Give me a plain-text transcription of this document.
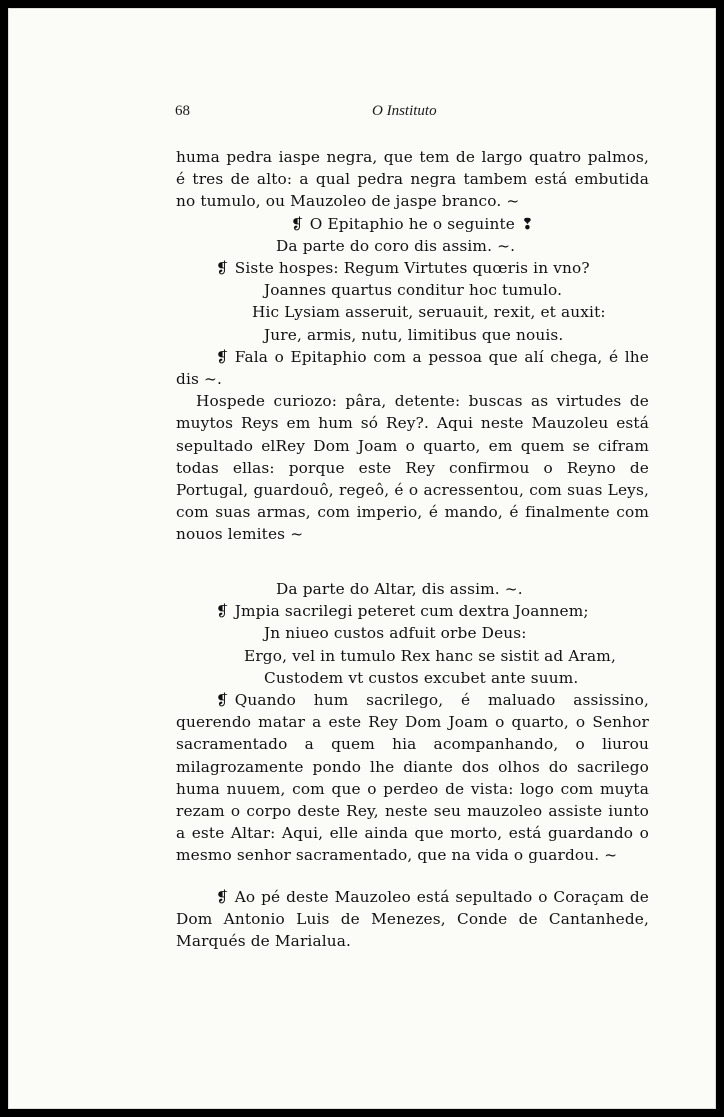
68	O Instituto

huma pedra iaspe negra, que tem de largo quatro palmos, é tres de alto: a qual pedra negra tambem está embutida no tumulo, ou Mauzoleo de jaspe branco. ~

❡ O Epitaphio he o seguinte ❢

Da parte do coro dis assim. ~.

❡ Siste hospes: Regum Virtutes quœris in vno?

Joannes quartus conditur hoc tumulo.

Hic Lysiam asseruit, seruauit, rexit, et auxit:

Jure, armis, nutu, limitibus que nouis.

❡ Fala o Epitaphio com a pessoa que alí chega, é lhe dis ~.

Hospede curiozo: pâra, detente: buscas as virtudes de muytos Reys em hum só Rey?. Aqui neste Mauzoleu está sepultado elRey Dom Joam o quarto, em quem se cifram todas ellas: porque este Rey confirmou o Reyno de Portugal, guardouô, regeô, é o acressentou, com suas Leys, com suas armas, com imperio, é mando, é finalmente com nouos lemites ~

Da parte do Altar, dis assim. ~.

❡ Jmpia sacrilegi peteret cum dextra Joannem;

Jn niueo custos adfuit orbe Deus:

Ergo, vel in tumulo Rex hanc se sistit ad Aram,

Custodem vt custos excubet ante suum.

❡ Quando hum sacrilego, é maluado assissino, querendo matar a este Rey Dom Joam o quarto, o Senhor sacramentado a quem hia acompanhando, o liurou milagrozamente pondo lhe diante dos olhos do sacrilego huma nuuem, com que o perdeo de vista: logo com muyta rezam o corpo deste Rey, neste seu mauzoleo assiste iunto a este Altar: Aqui, elle ainda que morto, está guardando o mesmo senhor sacramentado, que na vida o guardou. ~

❡ Ao pé deste Mauzoleo está sepultado o Coraçam de Dom Antonio Luis de Menezes, Conde de Cantanhede, Marqués de Marialua.
